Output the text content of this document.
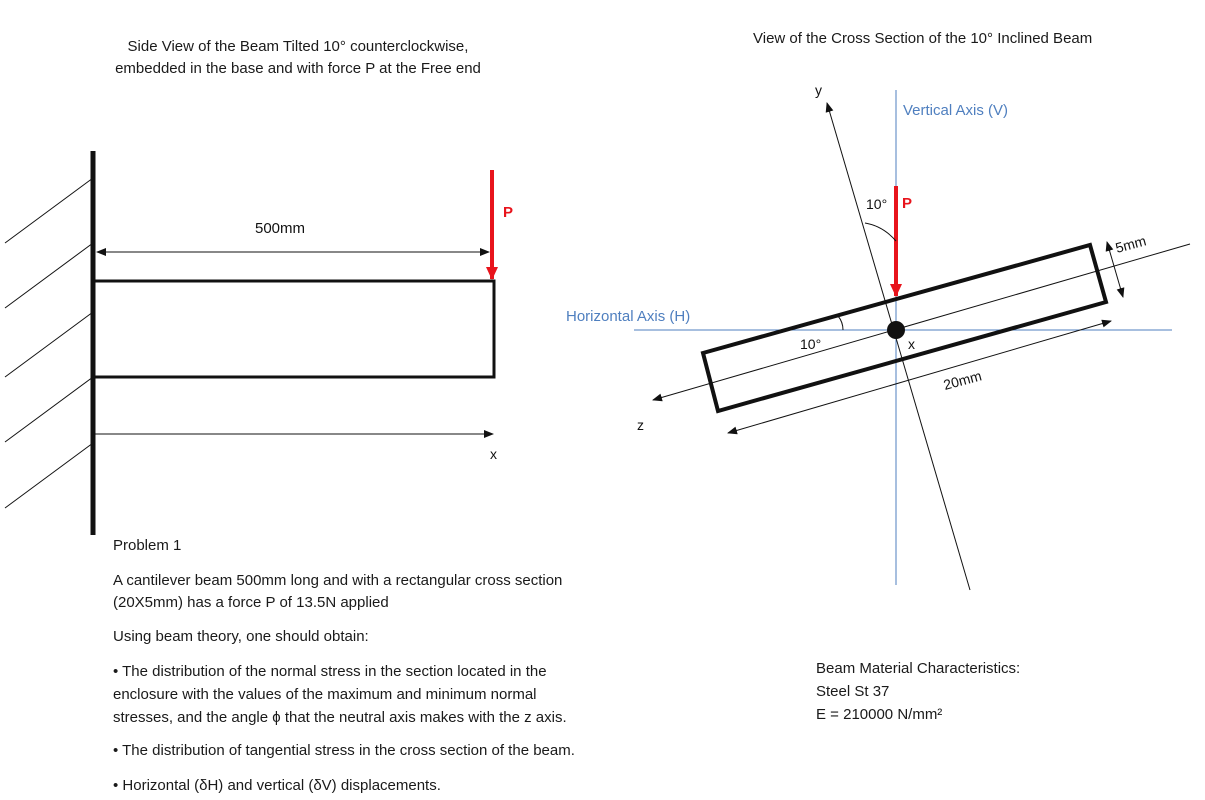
500mm
P
x
y
z
x
Vertical Axis (V)
Horizontal Axis (H)
10°
10°
P
20mm
5mm

Side View of the Beam Tilted 10° counterclockwise,

embedded in the base and with force P at the Free end

View of the Cross Section of the 10° Inclined Beam
Problem 1

A cantilever beam 500mm long and with a rectangular cross section

(20X5mm) has a force P of 13.5N applied

Using beam theory, one should obtain:

• The distribution of the normal stress in the section located in the

enclosure with the values of the maximum and minimum normal

stresses, and the angle ϕ that the neutral axis makes with the z axis.

• The distribution of tangential stress in the cross section of the beam.
• Horizontal (δH) and vertical (δV) displacements.

Beam Material Characteristics:

Steel St 37

E = 210000 N/mm²
